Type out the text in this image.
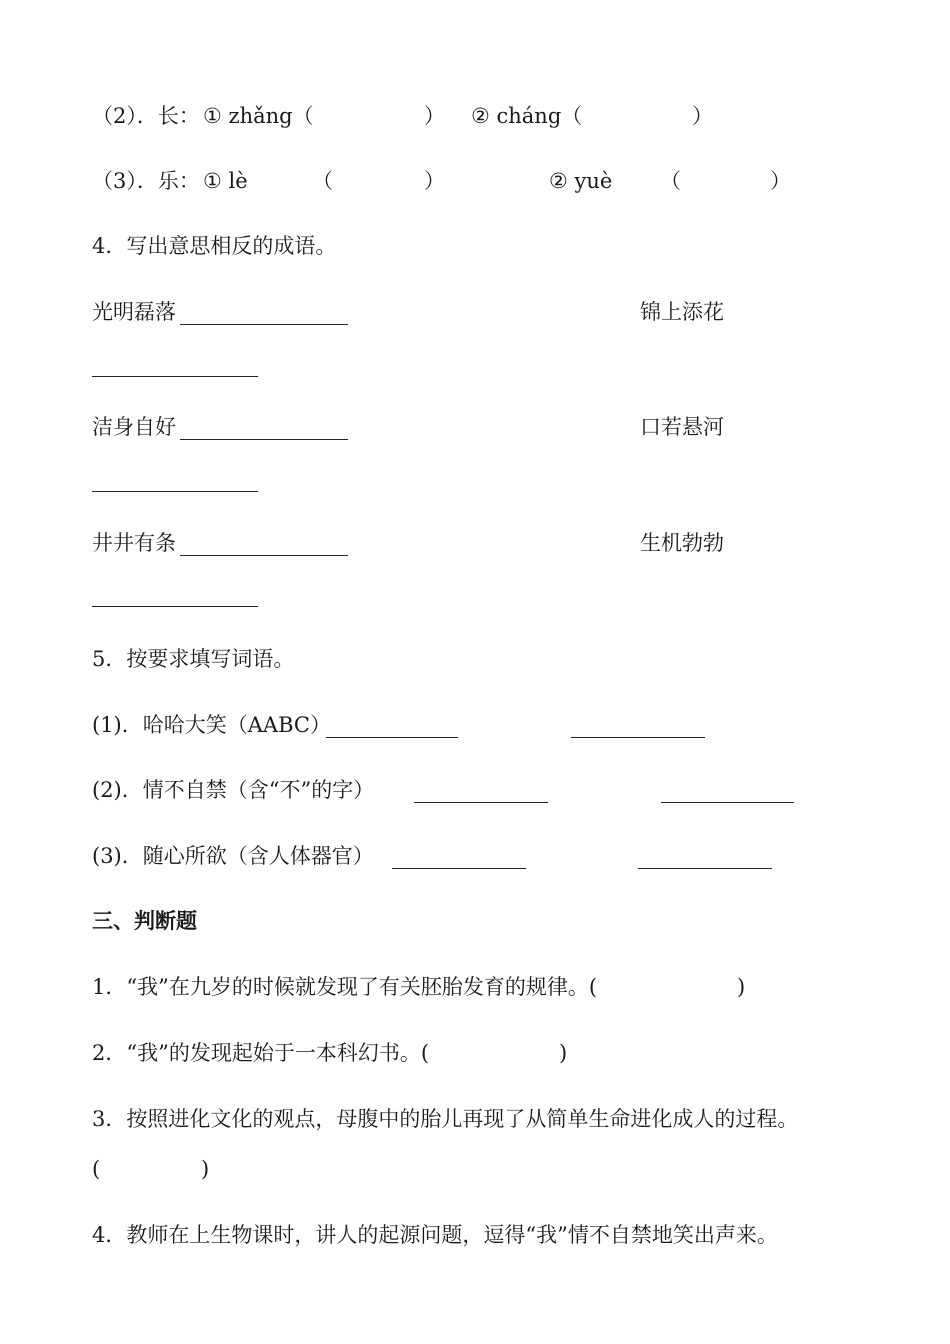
（2）．长： ① zhǎng（	） ② cháng（	）
（3）．乐： ① lè	（	）	② yuè （	）
4．写出意思相反的成语。
光明磊落	锦上添花
洁身自好	口若悬河
井井有条	生机勃勃
5．按要求填写词语。
(1)．哈哈大笑（AABC）
(2)．情不自禁（含“不”的字）
(3)．随心所欲（含人体器官）
三、判断题
1．“我”在九岁的时候就发现了有关胚胎发育的规律。(	)
2．“我”的发现起始于一本科幻书。(	)
3．按照进化文化的观点，母腹中的胎儿再现了从简单生命进化成人的过程。
(	)
4．教师在上生物课时，讲人的起源问题，逗得“我”情不自禁地笑出声来。
